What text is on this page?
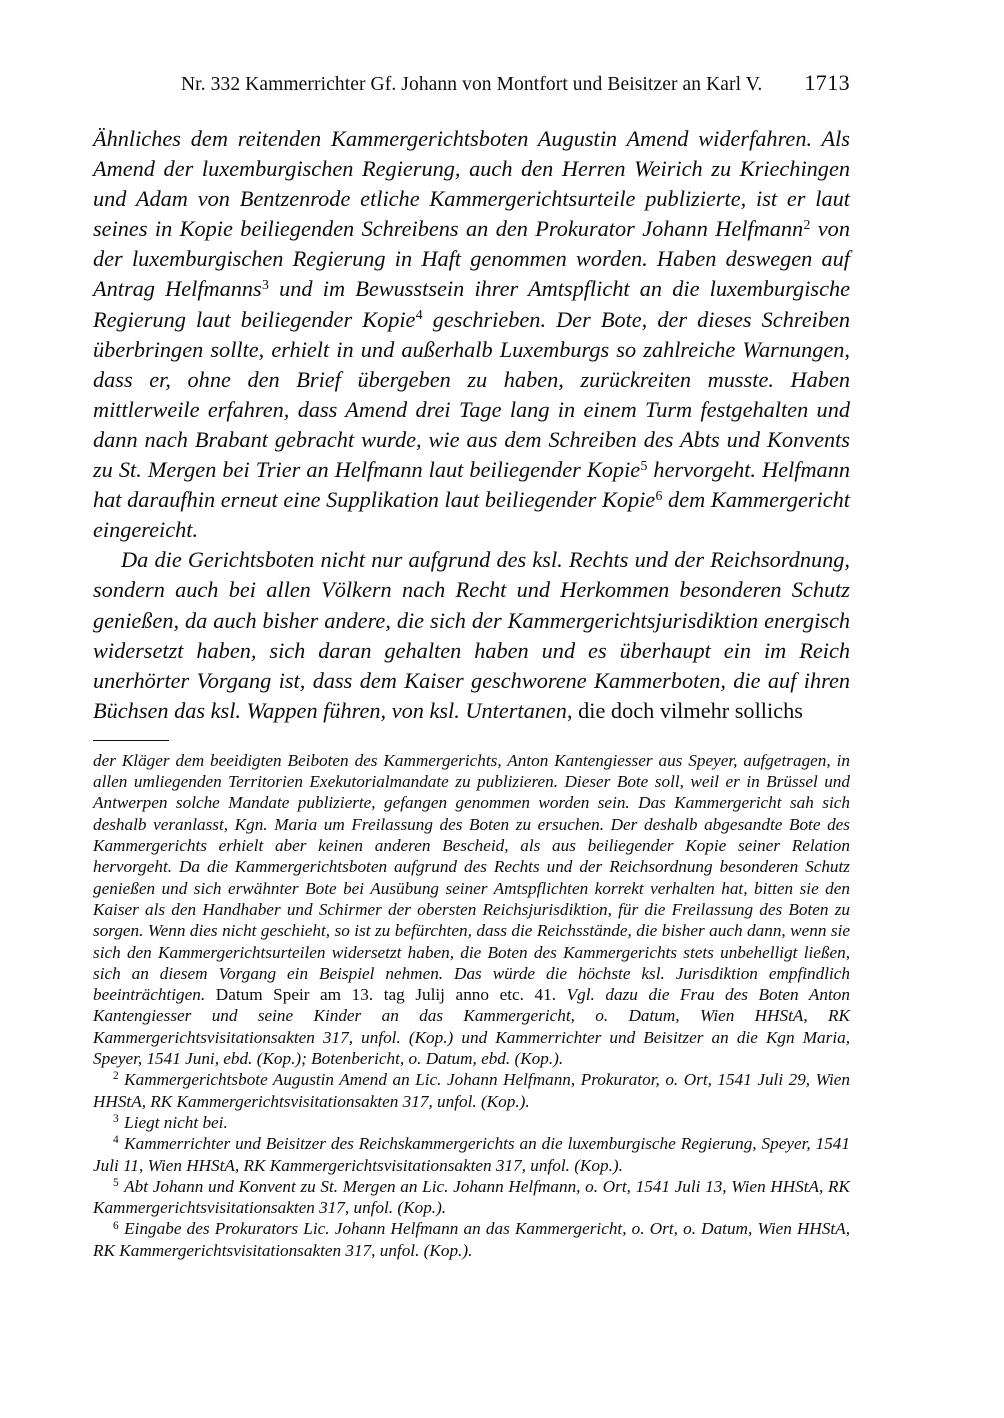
Nr. 332 Kammerrichter Gf. Johann von Montfort und Beisitzer an Karl V. 1713

Ähnliches dem reitenden Kammergerichtsboten Augustin Amend widerfahren. Als Amend der luxemburgischen Regierung, auch den Herren Weirich zu Kriechingen und Adam von Bentzenrode etliche Kammergerichtsurteile publizierte, ist er laut seines in Kopie beiliegenden Schreibens an den Prokurator Johann Helfmann$^2$ von der luxemburgischen Regierung in Haft genommen worden. Haben deswegen auf Antrag Helfmanns$^3$ und im Bewusstsein ihrer Amtspflicht an die luxemburgische Regierung laut beiliegender Kopie$^4$ geschrieben. Der Bote, der dieses Schreiben überbringen sollte, erhielt in und außerhalb Luxemburgs so zahlreiche Warnungen, dass er, ohne den Brief übergeben zu haben, zurückreiten musste. Haben mittlerweile erfahren, dass Amend drei Tage lang in einem Turm festgehalten und dann nach Brabant gebracht wurde, wie aus dem Schreiben des Abts und Konvents zu St. Mergen bei Trier an Helfmann laut beiliegender Kopie$^5$ hervorgeht. Helfmann hat daraufhin erneut eine Supplikation laut beiliegender Kopie$^6$ dem Kammergericht eingereicht.

Da die Gerichtsboten nicht nur aufgrund des ksl. Rechts und der Reichsordnung, sondern auch bei allen Völkern nach Recht und Herkommen besonderen Schutz genießen, da auch bisher andere, die sich der Kammergerichtsjurisdiktion energisch widersetzt haben, sich daran gehalten haben und es überhaupt ein im Reich unerhörter Vorgang ist, dass dem Kaiser geschworene Kammerboten, die auf ihren Büchsen das ksl. Wappen führen, von ksl. Untertanen, die doch vilmehr sollichs

der Kläger dem beeidigten Beiboten des Kammergerichts, Anton Kantengiesser aus Speyer, aufgetragen, in allen umliegenden Territorien Exekutorialmandate zu publizieren. Dieser Bote soll, weil er in Brüssel und Antwerpen solche Mandate publizierte, gefangen genommen worden sein. Das Kammergericht sah sich deshalb veranlasst, Kgn. Maria um Freilassung des Boten zu ersuchen. Der deshalb abgesandte Bote des Kammergerichts erhielt aber keinen anderen Bescheid, als aus beiliegender Kopie seiner Relation hervorgeht. Da die Kammergerichtsboten aufgrund des Rechts und der Reichsordnung besonderen Schutz genießen und sich erwähnter Bote bei Ausübung seiner Amtspflichten korrekt verhalten hat, bitten sie den Kaiser als den Handhaber und Schirmer der obersten Reichsjurisdiktion, für die Freilassung des Boten zu sorgen. Wenn dies nicht geschieht, so ist zu befürchten, dass die Reichsstände, die bisher auch dann, wenn sie sich den Kammergerichtsurteilen widersetzt haben, die Boten des Kammergerichts stets unbehelligt ließen, sich an diesem Vorgang ein Beispiel nehmen. Das würde die höchste ksl. Jurisdiktion empfindlich beeinträchtigen. Datum Speir am 13. tag Julij anno etc. 41. Vgl. dazu die Frau des Boten Anton Kantengiesser und seine Kinder an das Kammergericht, o. Datum, Wien HHStA, RK Kammergerichtsvisitationsakten 317, unfol. (Kop.) und Kammerrichter und Beisitzer an die Kgn Maria, Speyer, 1541 Juni, ebd. (Kop.); Botenbericht, o. Datum, ebd. (Kop.).

$^2$ Kammergerichtsbote Augustin Amend an Lic. Johann Helfmann, Prokurator, o. Ort, 1541 Juli 29, Wien HHStA, RK Kammergerichtsvisitationsakten 317, unfol. (Kop.).

$^3$ Liegt nicht bei.

$^4$ Kammerrichter und Beisitzer des Reichskammergerichts an die luxemburgische Regierung, Speyer, 1541 Juli 11, Wien HHStA, RK Kammergerichtsvisitationsakten 317, unfol. (Kop.).

$^5$ Abt Johann und Konvent zu St. Mergen an Lic. Johann Helfmann, o. Ort, 1541 Juli 13, Wien HHStA, RK Kammergerichtsvisitationsakten 317, unfol. (Kop.).

$^6$ Eingabe des Prokurators Lic. Johann Helfmann an das Kammergericht, o. Ort, o. Datum, Wien HHStA, RK Kammergerichtsvisitationsakten 317, unfol. (Kop.).
